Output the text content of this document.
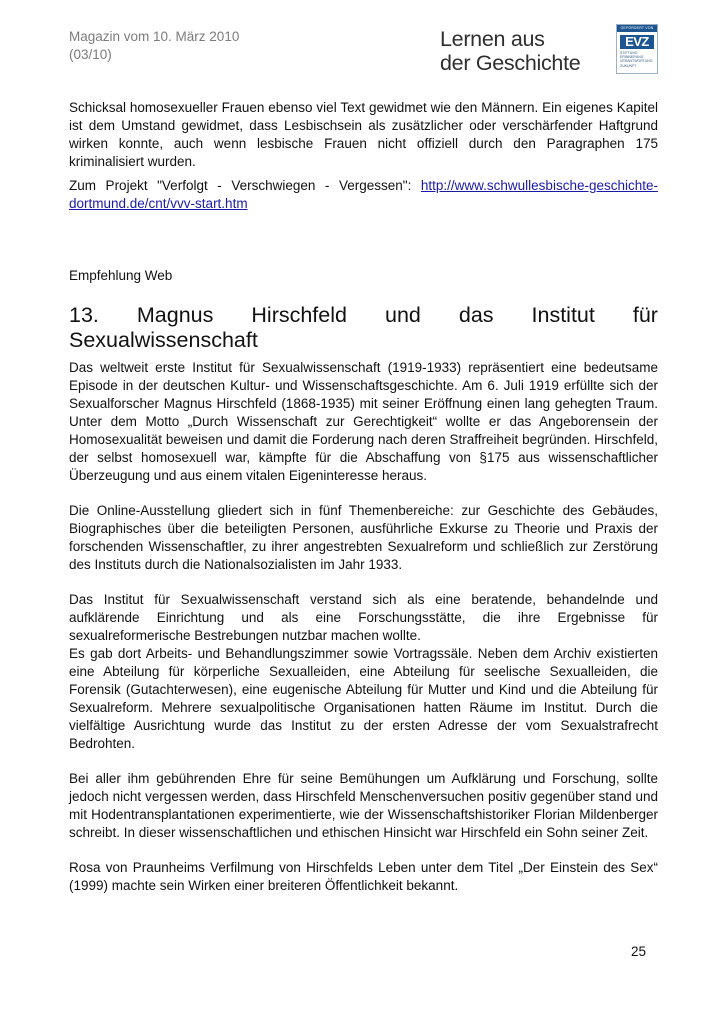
Magazin vom 10. März 2010
(03/10)
Lernen aus
der Geschichte
GEFÖRDERT VON
EVZ
STIFTUNG
ERINNERUNG
VERANTWORTUNG
ZUKUNFT

Schicksal homosexueller Frauen ebenso viel Text gewidmet wie den Männern. Ein eigenes Kapitel ist dem Umstand gewidmet, dass Lesbischsein als zusätzlicher oder verschärfender Haftgrund wirken konnte, auch wenn lesbische Frauen nicht offiziell durch den Paragraphen 175 kriminalisiert wurden.

Zum Projekt "Verfolgt - Verschwiegen - Vergessen": http://www.schwullesbische-geschichte-dortmund.de/cnt/vvv-start.htm

Empfehlung Web

13. Magnus Hirschfeld und das Institut für
Sexualwissenschaft

Das weltweit erste Institut für Sexualwissenschaft (1919-1933) repräsentiert eine bedeutsame Episode in der deutschen Kultur- und Wissenschaftsgeschichte. Am 6. Juli 1919 erfüllte sich der Sexualforscher Magnus Hirschfeld (1868-1935) mit seiner Eröffnung einen lang gehegten Traum. Unter dem Motto „Durch Wissenschaft zur Gerechtigkeit“ wollte er das Angeborensein der Homosexualität beweisen und damit die Forderung nach deren Straffreiheit begründen. Hirschfeld, der selbst homosexuell war, kämpfte für die Abschaffung von §175 aus wissenschaftlicher Überzeugung und aus einem vitalen Eigeninteresse heraus.

Die Online-Ausstellung gliedert sich in fünf Themenbereiche: zur Geschichte des Gebäudes, Biographisches über die beteiligten Personen, ausführliche Exkurse zu Theorie und Praxis der forschenden Wissenschaftler, zu ihrer angestrebten Sexualreform und schließlich zur Zerstörung des Instituts durch die Nationalsozialisten im Jahr 1933.

Das Institut für Sexualwissenschaft verstand sich als eine beratende, behandelnde und aufklärende Einrichtung und als eine Forschungsstätte, die ihre Ergebnisse für sexualreformerische Bestrebungen nutzbar machen wollte.

Es gab dort Arbeits- und Behandlungszimmer sowie Vortragssäle. Neben dem Archiv existierten eine Abteilung für körperliche Sexualleiden, eine Abteilung für seelische Sexualleiden, die Forensik (Gutachterwesen), eine eugenische Abteilung für Mutter und Kind und die Abteilung für Sexualreform. Mehrere sexualpolitische Organisationen hatten Räume im Institut. Durch die vielfältige Ausrichtung wurde das Institut zu der ersten Adresse der vom Sexualstrafrecht Bedrohten.

Bei aller ihm gebührenden Ehre für seine Bemühungen um Aufklärung und Forschung, sollte jedoch nicht vergessen werden, dass Hirschfeld Menschenversuchen positiv gegenüber stand und mit Hodentransplantationen experimentierte, wie der Wissenschaftshistoriker Florian Mildenberger schreibt. In dieser wissenschaftlichen und ethischen Hinsicht war Hirschfeld ein Sohn seiner Zeit.

Rosa von Praunheims Verfilmung von Hirschfelds Leben unter dem Titel „Der Einstein des Sex“ (1999) machte sein Wirken einer breiteren Öffentlichkeit bekannt.

25
